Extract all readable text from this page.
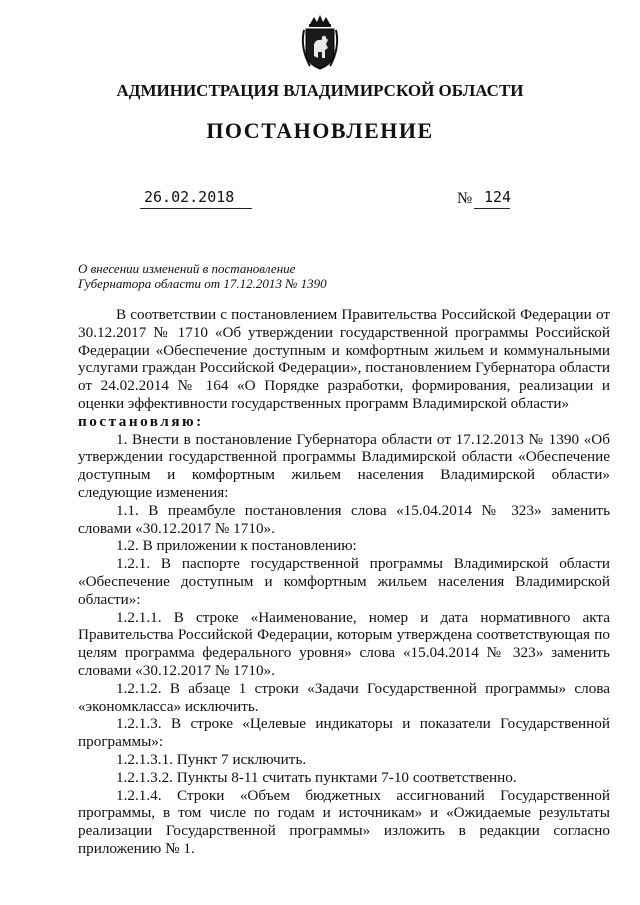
АДМИНИСТРАЦИЯ ВЛАДИМИРСКОЙ ОБЛАСТИ
ПОСТАНОВЛЕНИЕ
26.02.2018	№ 124
О внесении изменений в постановление
Губернатора области от 17.12.2013 № 1390

В соответствии с постановлением Правительства Российской Федерации от 30.12.2017 № 1710 «Об утверждении государственной программы Российской Федерации «Обеспечение доступным и комфортным жильем и коммунальными услугами граждан Российской Федерации», постановлением Губернатора области от 24.02.2014 № 164 «О Порядке разработки, формирования, реализации и оценки эффективности государственных программ Владимирской области»

постановляю:

1. Внести в постановление Губернатора области от 17.12.2013 № 1390 «Об утверждении государственной программы Владимирской области «Обеспечение доступным и комфортным жильем населения Владимирской области» следующие изменения:

1.1. В преамбуле постановления слова «15.04.2014 № 323» заменить словами «30.12.2017 № 1710».

1.2. В приложении к постановлению:

1.2.1. В паспорте государственной программы Владимирской области «Обеспечение доступным и комфортным жильем населения Владимирской области»:

1.2.1.1. В строке «Наименование, номер и дата нормативного акта Правительства Российской Федерации, которым утверждена соответствующая по целям программа федерального уровня» слова «15.04.2014 № 323» заменить словами «30.12.2017 № 1710».

1.2.1.2. В абзаце 1 строки «Задачи Государственной программы» слова «экономкласса» исключить.

1.2.1.3. В строке «Целевые индикаторы и показатели Государственной программы»:

1.2.1.3.1. Пункт 7 исключить.

1.2.1.3.2. Пункты 8-11 считать пунктами 7-10 соответственно.

1.2.1.4. Строки «Объем бюджетных ассигнований Государственной программы, в том числе по годам и источникам» и «Ожидаемые результаты реализации Государственной программы» изложить в редакции согласно приложению № 1.
